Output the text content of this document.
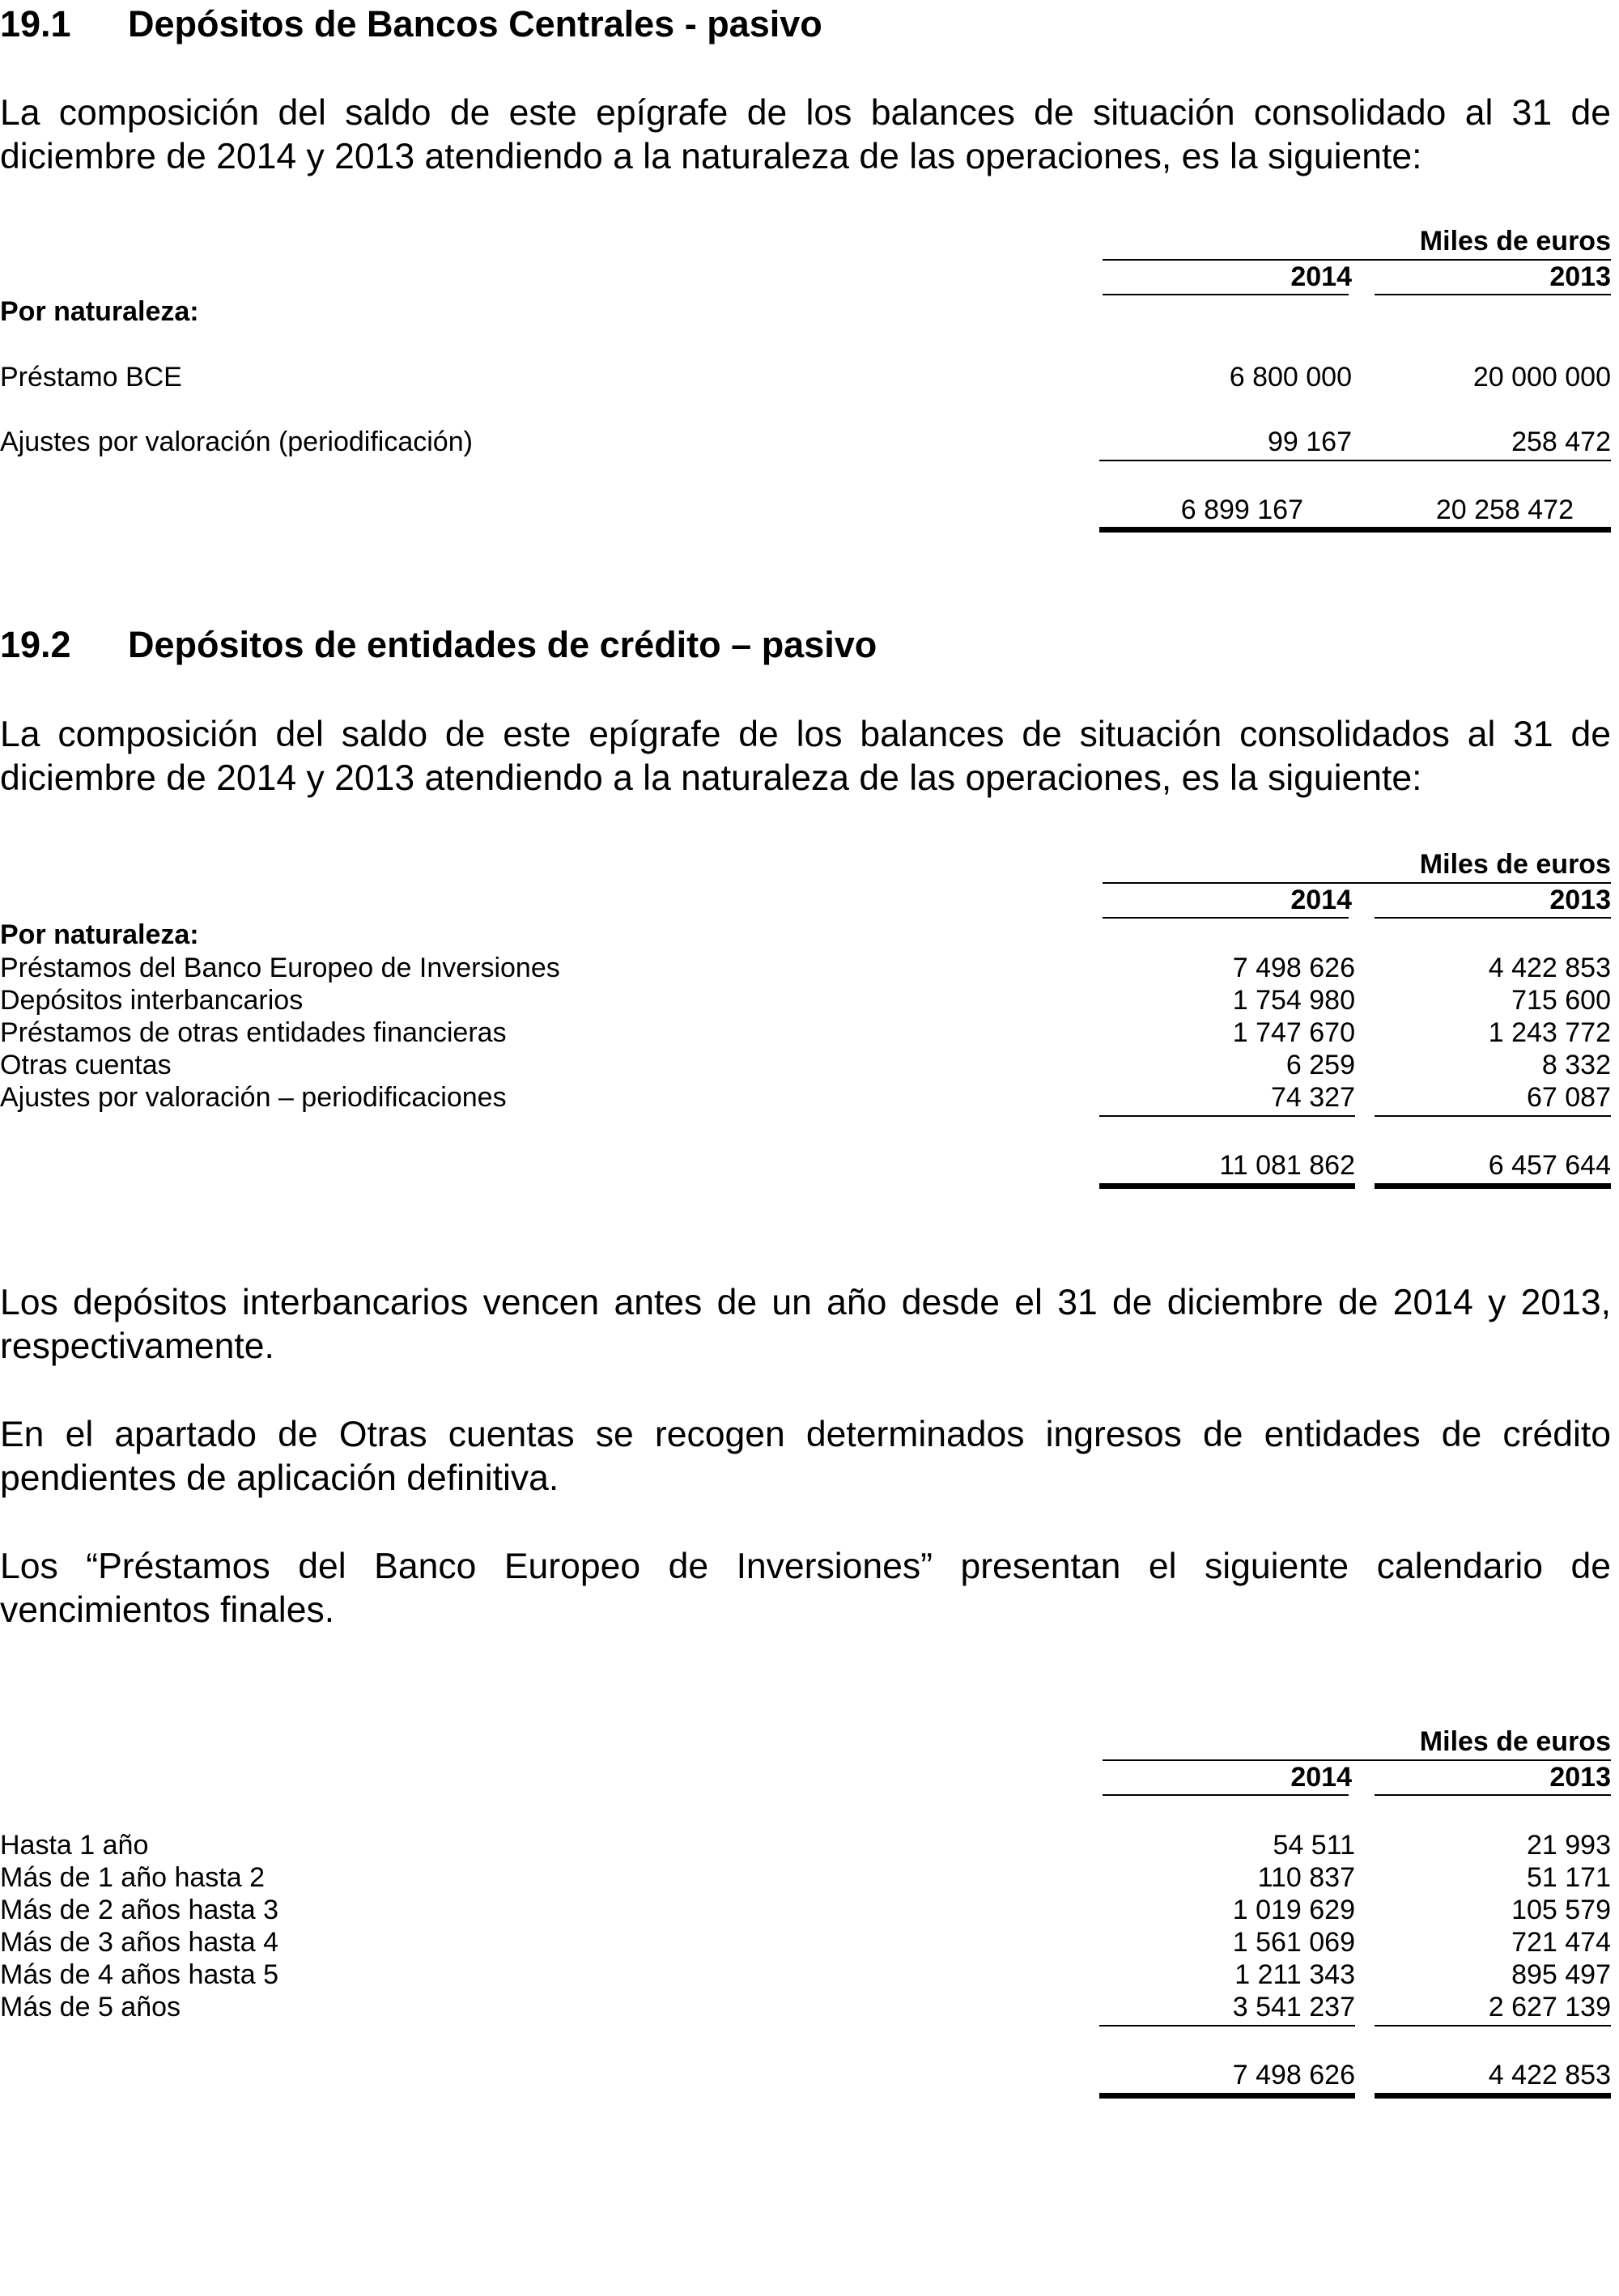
19.1 Depósitos de Bancos Centrales - pasivo
La composición del saldo de este epígrafe de los balances de situación consolidado al 31 de diciembre de 2014 y 2013 atendiendo a la naturaleza de las operaciones, es la siguiente:
Miles de euros
2014	2013
Por naturaleza:
Préstamo BCE	6 800 000	20 000 000
Ajustes por valoración (periodificación)	99 167	258 472
6 899 167	20 258 472
19.2 Depósitos de entidades de crédito – pasivo
La composición del saldo de este epígrafe de los balances de situación consolidados al 31 de diciembre de 2014 y 2013 atendiendo a la naturaleza de las operaciones, es la siguiente:
Miles de euros
2014	2013
Por naturaleza:
Préstamos del Banco Europeo de Inversiones	7 498 626	4 422 853
Depósitos interbancarios	1 754 980	715 600
Préstamos de otras entidades financieras	1 747 670	1 243 772
Otras cuentas	6 259	8 332
Ajustes por valoración – periodificaciones	74 327	67 087
11 081 862	6 457 644
Los depósitos interbancarios vencen antes de un año desde el 31 de diciembre de 2014 y 2013, respectivamente.
En el apartado de Otras cuentas se recogen determinados ingresos de entidades de crédito pendientes de aplicación definitiva.
Los “Préstamos del Banco Europeo de Inversiones” presentan el siguiente calendario de vencimientos finales.
Miles de euros
2014	2013
Hasta 1 año	54 511	21 993
Más de 1 año hasta 2	110 837	51 171
Más de 2 años hasta 3	1 019 629	105 579
Más de 3 años hasta 4	1 561 069	721 474
Más de 4 años hasta 5	1 211 343	895 497
Más de 5 años	3 541 237	2 627 139
7 498 626	4 422 853
